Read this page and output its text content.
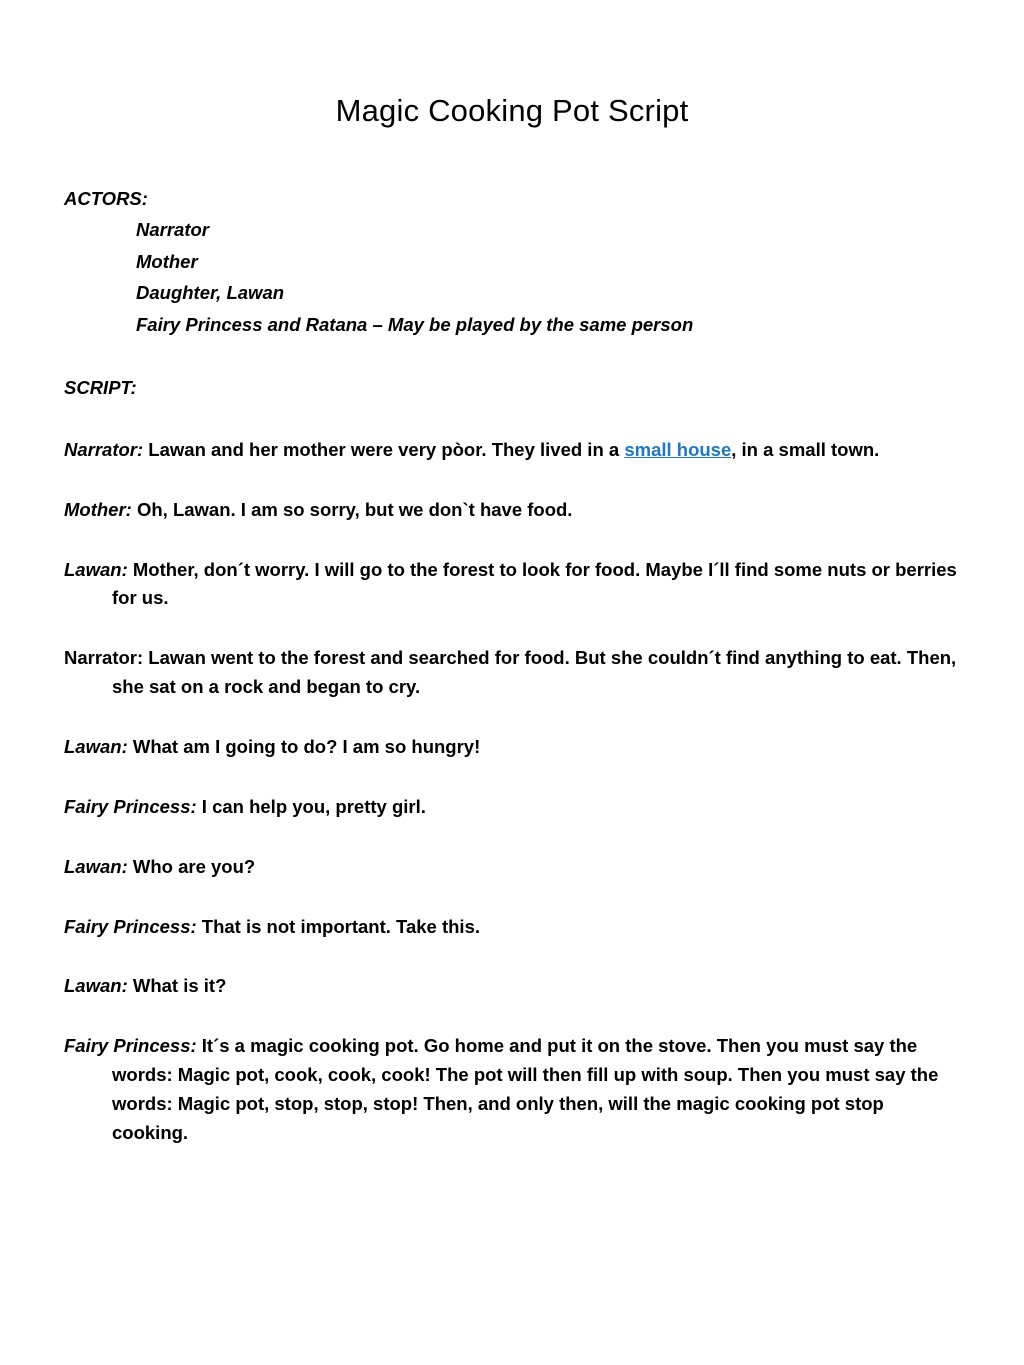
Magic Cooking Pot Script

ACTORS:

Narrator
Mother
Daughter, Lawan
Fairy Princess and Ratana – May be played by the same person

SCRIPT:

Narrator: Lawan and her mother were very pòor. They lived in a small house, in a small town.

Mother: Oh, Lawan. I am so sorry, but we don`t have food.

Lawan: Mother, don´t worry. I will go to the forest to look for food. Maybe I´ll find some nuts or berries for us.

Narrator: Lawan went to the forest and searched for food. But she couldn´t find anything to eat. Then, she sat on a rock and began to cry.

Lawan: What am I going to do? I am so hungry!

Fairy Princess: I can help you, pretty girl.

Lawan: Who are you?

Fairy Princess: That is not important. Take this.

Lawan: What is it?

Fairy Princess: It´s a magic cooking pot. Go home and put it on the stove. Then you must say the words: Magic pot, cook, cook, cook! The pot will then fill up with soup. Then you must say the words: Magic pot, stop, stop, stop! Then, and only then, will the magic cooking pot stop cooking.
